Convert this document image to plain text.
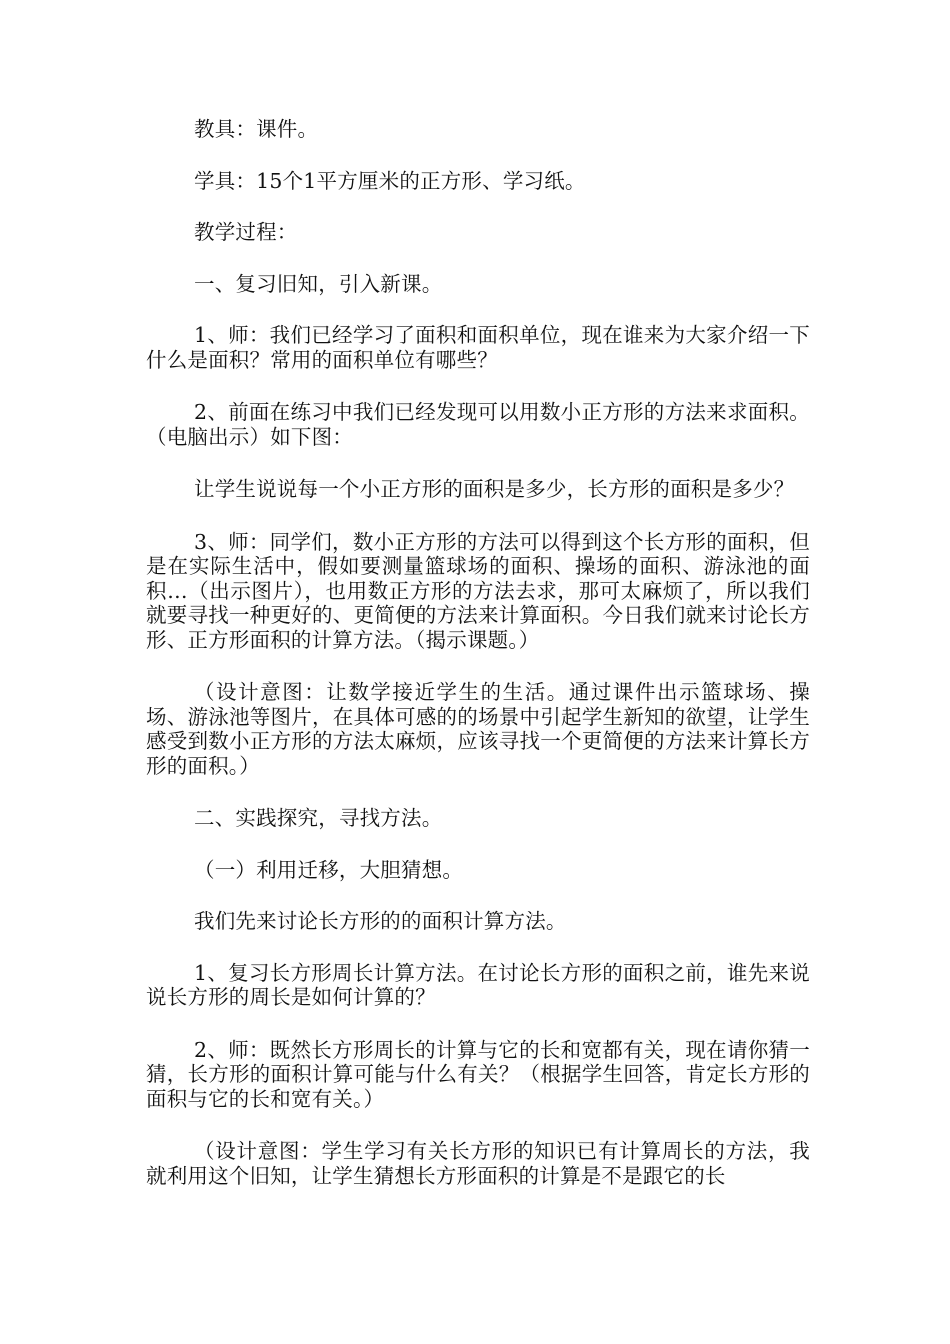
教具：课件。

学具：15个1平方厘米的正方形、学习纸。

教学过程：

一、复习旧知，引入新课。

1、师：我们已经学习了面积和面积单位，现在谁来为大家介绍一下什么是面积？常用的面积单位有哪些？

2、前面在练习中我们已经发现可以用数小正方形的方法来求面积。（电脑出示）如下图：

让学生说说每一个小正方形的面积是多少，长方形的面积是多少？

3、师：同学们，数小正方形的方法可以得到这个长方形的面积，但是在实际生活中，假如要测量篮球场的面积、操场的面积、游泳池的面积…（出示图片），也用数正方形的方法去求，那可太麻烦了，所以我们就要寻找一种更好的、更简便的方法来计算面积。今日我们就来讨论长方形、正方形面积的计算方法。（揭示课题。）

（设计意图：让数学接近学生的生活。通过课件出示篮球场、操场、游泳池等图片，在具体可感的的场景中引起学生新知的欲望，让学生感受到数小正方形的方法太麻烦，应该寻找一个更简便的方法来计算长方形的面积。）

二、实践探究，寻找方法。

（一）利用迁移，大胆猜想。

我们先来讨论长方形的的面积计算方法。

1、复习长方形周长计算方法。在讨论长方形的面积之前，谁先来说说长方形的周长是如何计算的？

2、师：既然长方形周长的计算与它的长和宽都有关，现在请你猜一猜，长方形的面积计算可能与什么有关？（根据学生回答，肯定长方形的面积与它的长和宽有关。）

（设计意图：学生学习有关长方形的知识已有计算周长的方法，我就利用这个旧知，让学生猜想长方形面积的计算是不是跟它的长
